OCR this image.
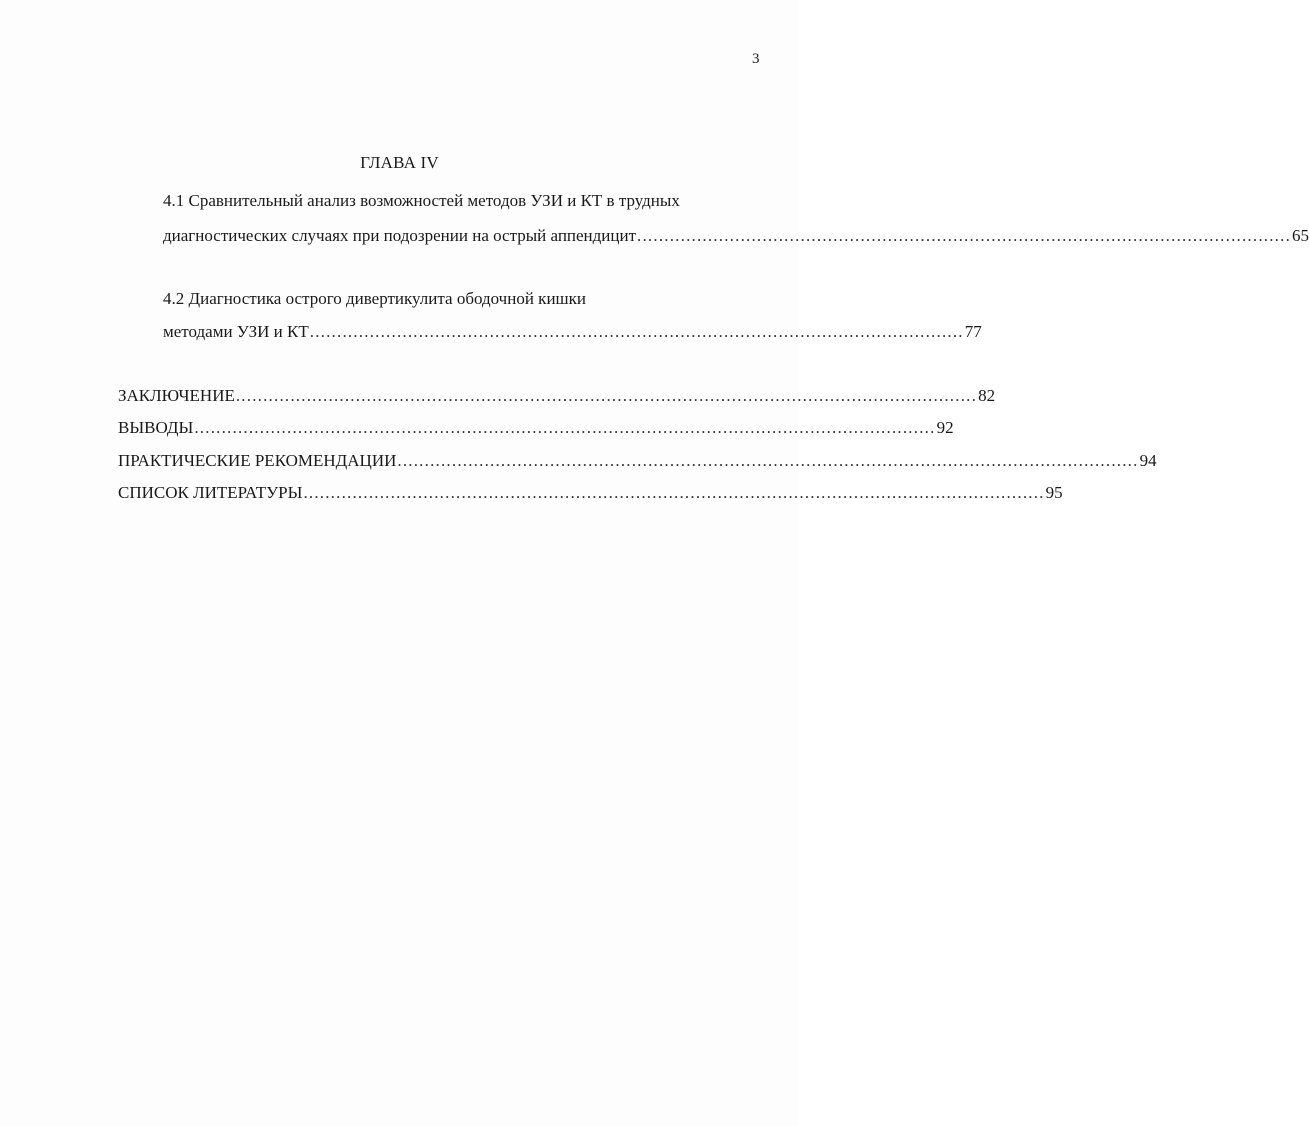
3
ГЛАВА IV
4.1 Сравнительный анализ возможностей методов УЗИ и КТ в трудных
диагностических случаях при подозрении на острый аппендицит ........................................................................................................................ 65
4.2 Диагностика острого дивертикулита ободочной кишки
методами УЗИ и КТ ........................................................................................................................ 77
ЗАКЛЮЧЕНИЕ ........................................................................................................................................ 82
ВЫВОДЫ ........................................................................................................................................ 92
ПРАКТИЧЕСКИЕ РЕКОМЕНДАЦИИ ........................................................................................................................................ 94
СПИСОК ЛИТЕРАТУРЫ ........................................................................................................................................ 95
